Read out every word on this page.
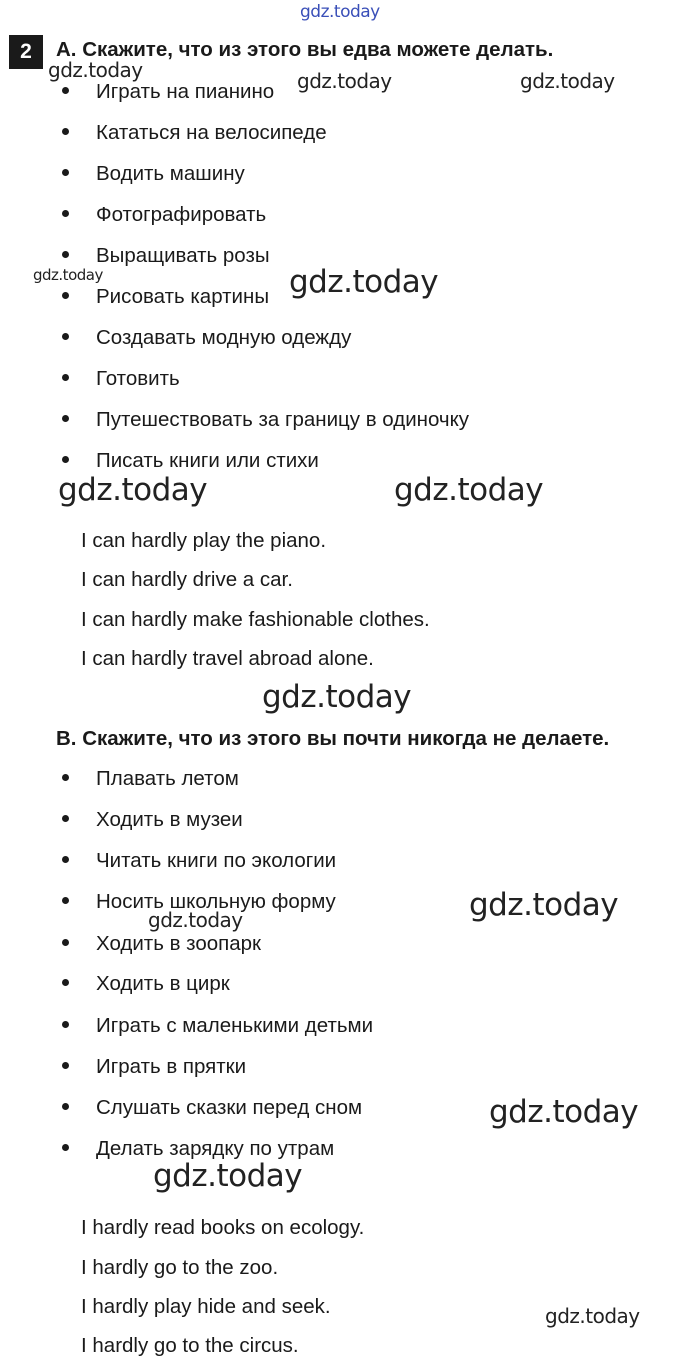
2	A. Скажите, что из этого вы едва можете делать.
Играть на пианино
Кататься на велосипеде
Водить машину
Фотографировать
Выращивать розы
Рисовать картины
Создавать модную одежду
Готовить
Путешествовать за границу в одиночку
Писать книги или стихи
I can hardly play the piano.
I can hardly drive a car.
I can hardly make fashionable clothes.
I can hardly travel abroad alone.
B. Скажите, что из этого вы почти никогда не делаете.
Плавать летом
Ходить в музеи
Читать книги по экологии
Носить школьную форму
Ходить в зоопарк
Ходить в цирк
Играть с маленькими детьми
Играть в прятки
Слушать сказки перед сном
Делать зарядку по утрам
I hardly read books on ecology.
I hardly go to the zoo.
I hardly play hide and seek.
I hardly go to the circus.
gdz.today
gdz.today	gdz.today	gdz.today
gdz.today	gdz.today
gdz.today	gdz.today
gdz.today
gdz.today	gdz.today
gdz.today
gdz.today
gdz.today
